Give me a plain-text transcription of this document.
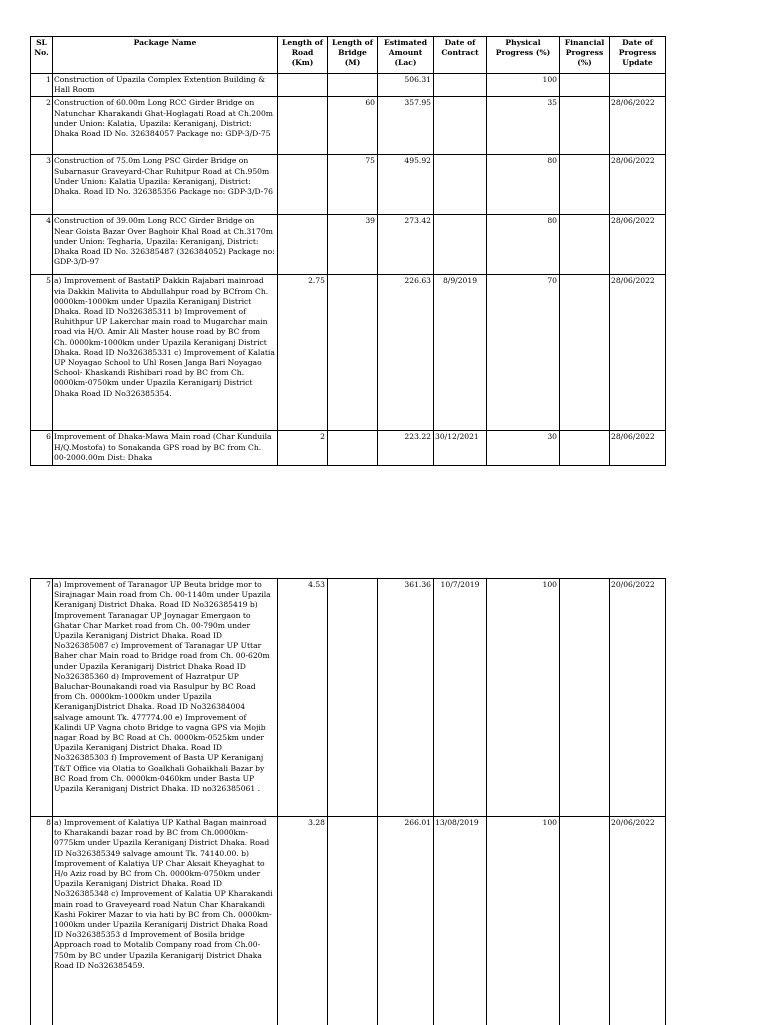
SL No.	Package Name	Length of Road (Km)	Length of Bridge (M)	Estimated Amount (Lac)	Date of Contract	Physical Progress (%)	Financial Progress (%)	Date of Progress Update
1	Construction of Upazila Complex Extention Building & Hall Room			506.31		100		
2	Construction of 60.00m Long RCC Girder Bridge on Natunchar Kharakandi Ghat-Hoglagati Road at Ch.200m under Union: Kalatia, Upazila: Keraniganj, District: Dhaka Road ID No. 326384057 Package no: GDP-3/D-75		60	357.95		35		28/06/2022
3	Construction of 75.0m Long PSC Girder Bridge on Subarnasur Graveyard-Char Ruhitpur Road at Ch.950m Under Union: Kalatia Upazila: Keraniganj, District: Dhaka. Road ID No. 326385356 Package no: GDP-3/D-76		75	495.92		80		28/06/2022
4	Construction of 39.00m Long RCC Girder Bridge on Near Goista Bazar Over Baghoir Khal Road at Ch.3170m under Union: Tegharia, Upazila: Keraniganj, District: Dhaka Road ID No. 326385487 (326384052) Package no: GDP-3/D-97		39	273.42		80		28/06/2022
5	a) Improvement of BastatiP Dakkin Rajabari mainroad via Dakkin Malivita to Abdullahpur road by BCfrom Ch. 0000km-1000km under Upazila Keraniganj District Dhaka. Road ID No326385311 b) Improvement of Ruhithpur UP Lakerchar main road to Mugarchar main road via H/O. Amir Ali Master house road by BC from Ch. 0000km-1000km under Upazila Keraniganj District Dhaka. Road ID No326385331 c) Improvement of Kalatia UP Noyagao School to Uhl Rosen Janga Bari Noyagao School- Khaskandi Rishibari road by BC from Ch. 0000km-0750km under Upazila Keranigarij District Dhaka Road ID No326385354.	2.75		226.63	8/9/2019	70		28/06/2022
6	Improvement of Dhaka-Mawa Main road (Char Kunduila H/Q.Mostofa) to Sonakanda GPS road by BC from Ch. 00-2000.00m Dist: Dhaka	2		223.22	30/12/2021	30		28/06/2022
7	a) Improvement of Taranagor UP Beuta bridge mor to Sirajnagar Main road from Ch. 00-1140m under Upazila Keraniganj District Dhaka. Road ID No326385419 b) Improvement Taranagar UP Joynagar Emergaon to Ghatar Char Market road from Ch. 00-790m under Upazila Keraniganj District Dhaka. Road ID No326385087 c) Improvement of Taranagar UP Uttar Baher char Main road to Bridge road from Ch. 00-620m under Upazila Keranigarij District Dhaka Road ID No326385360 d) Improvement of Hazratpur UP Baluchar-Bounakandi road via Rasulpur by BC Road from Ch. 0000km-1000km under Upazila KeraniganjDistrict Dhaka. Road ID No326384004 salvage amount Tk. 477774.00 e) Improvement of Kalindi UP Vagna choto Bridge to vagna GPS via Mojib nagar Road by BC Road at Ch. 0000km-0525km under Upazila Keraniganj District Dhaka. Road ID No326385303 f) Improvement of Basta UP Keraniganj T&T Office via Olatia to Goalkhali Gohaikhali Bazar by BC Road from Ch. 0000km-0460km under Basta UP Upazila Keraniganj District Dhaka. ID no326385061 .	4.53		361.36	10/7/2019	100		20/06/2022
8	a) Improvement of Kalatiya UP Kathal Bagan mainroad to Kharakandi bazar road by BC from Ch.0000km-0775km under Upazila Keraniganj District Dhaka. Road ID No326385349 salvage amount Tk. 74140.00. b) Improvement of Kalatiya UP Char Aksait Kheyaghat to H/o Aziz road by BC from Ch. 0000km-0750km under Upazila Keraniganj District Dhaka. Road ID No326385348 c) Improvement of Kalatia UP Kharakandi main road to Graveyeard road Natun Char Kharakandi Kashi Fokirer Mazar to via hati by BC from Ch. 0000km-1000km under Upazila Keranigarij District Dhaka Road ID No326385353 d Improvement of Bosila bridge Approach road to Motalib Company road from Ch.00-750m by BC under Upazila Keranigarij District Dhaka Road ID No326385459.	3.28		266.01	13/08/2019	100		20/06/2022
